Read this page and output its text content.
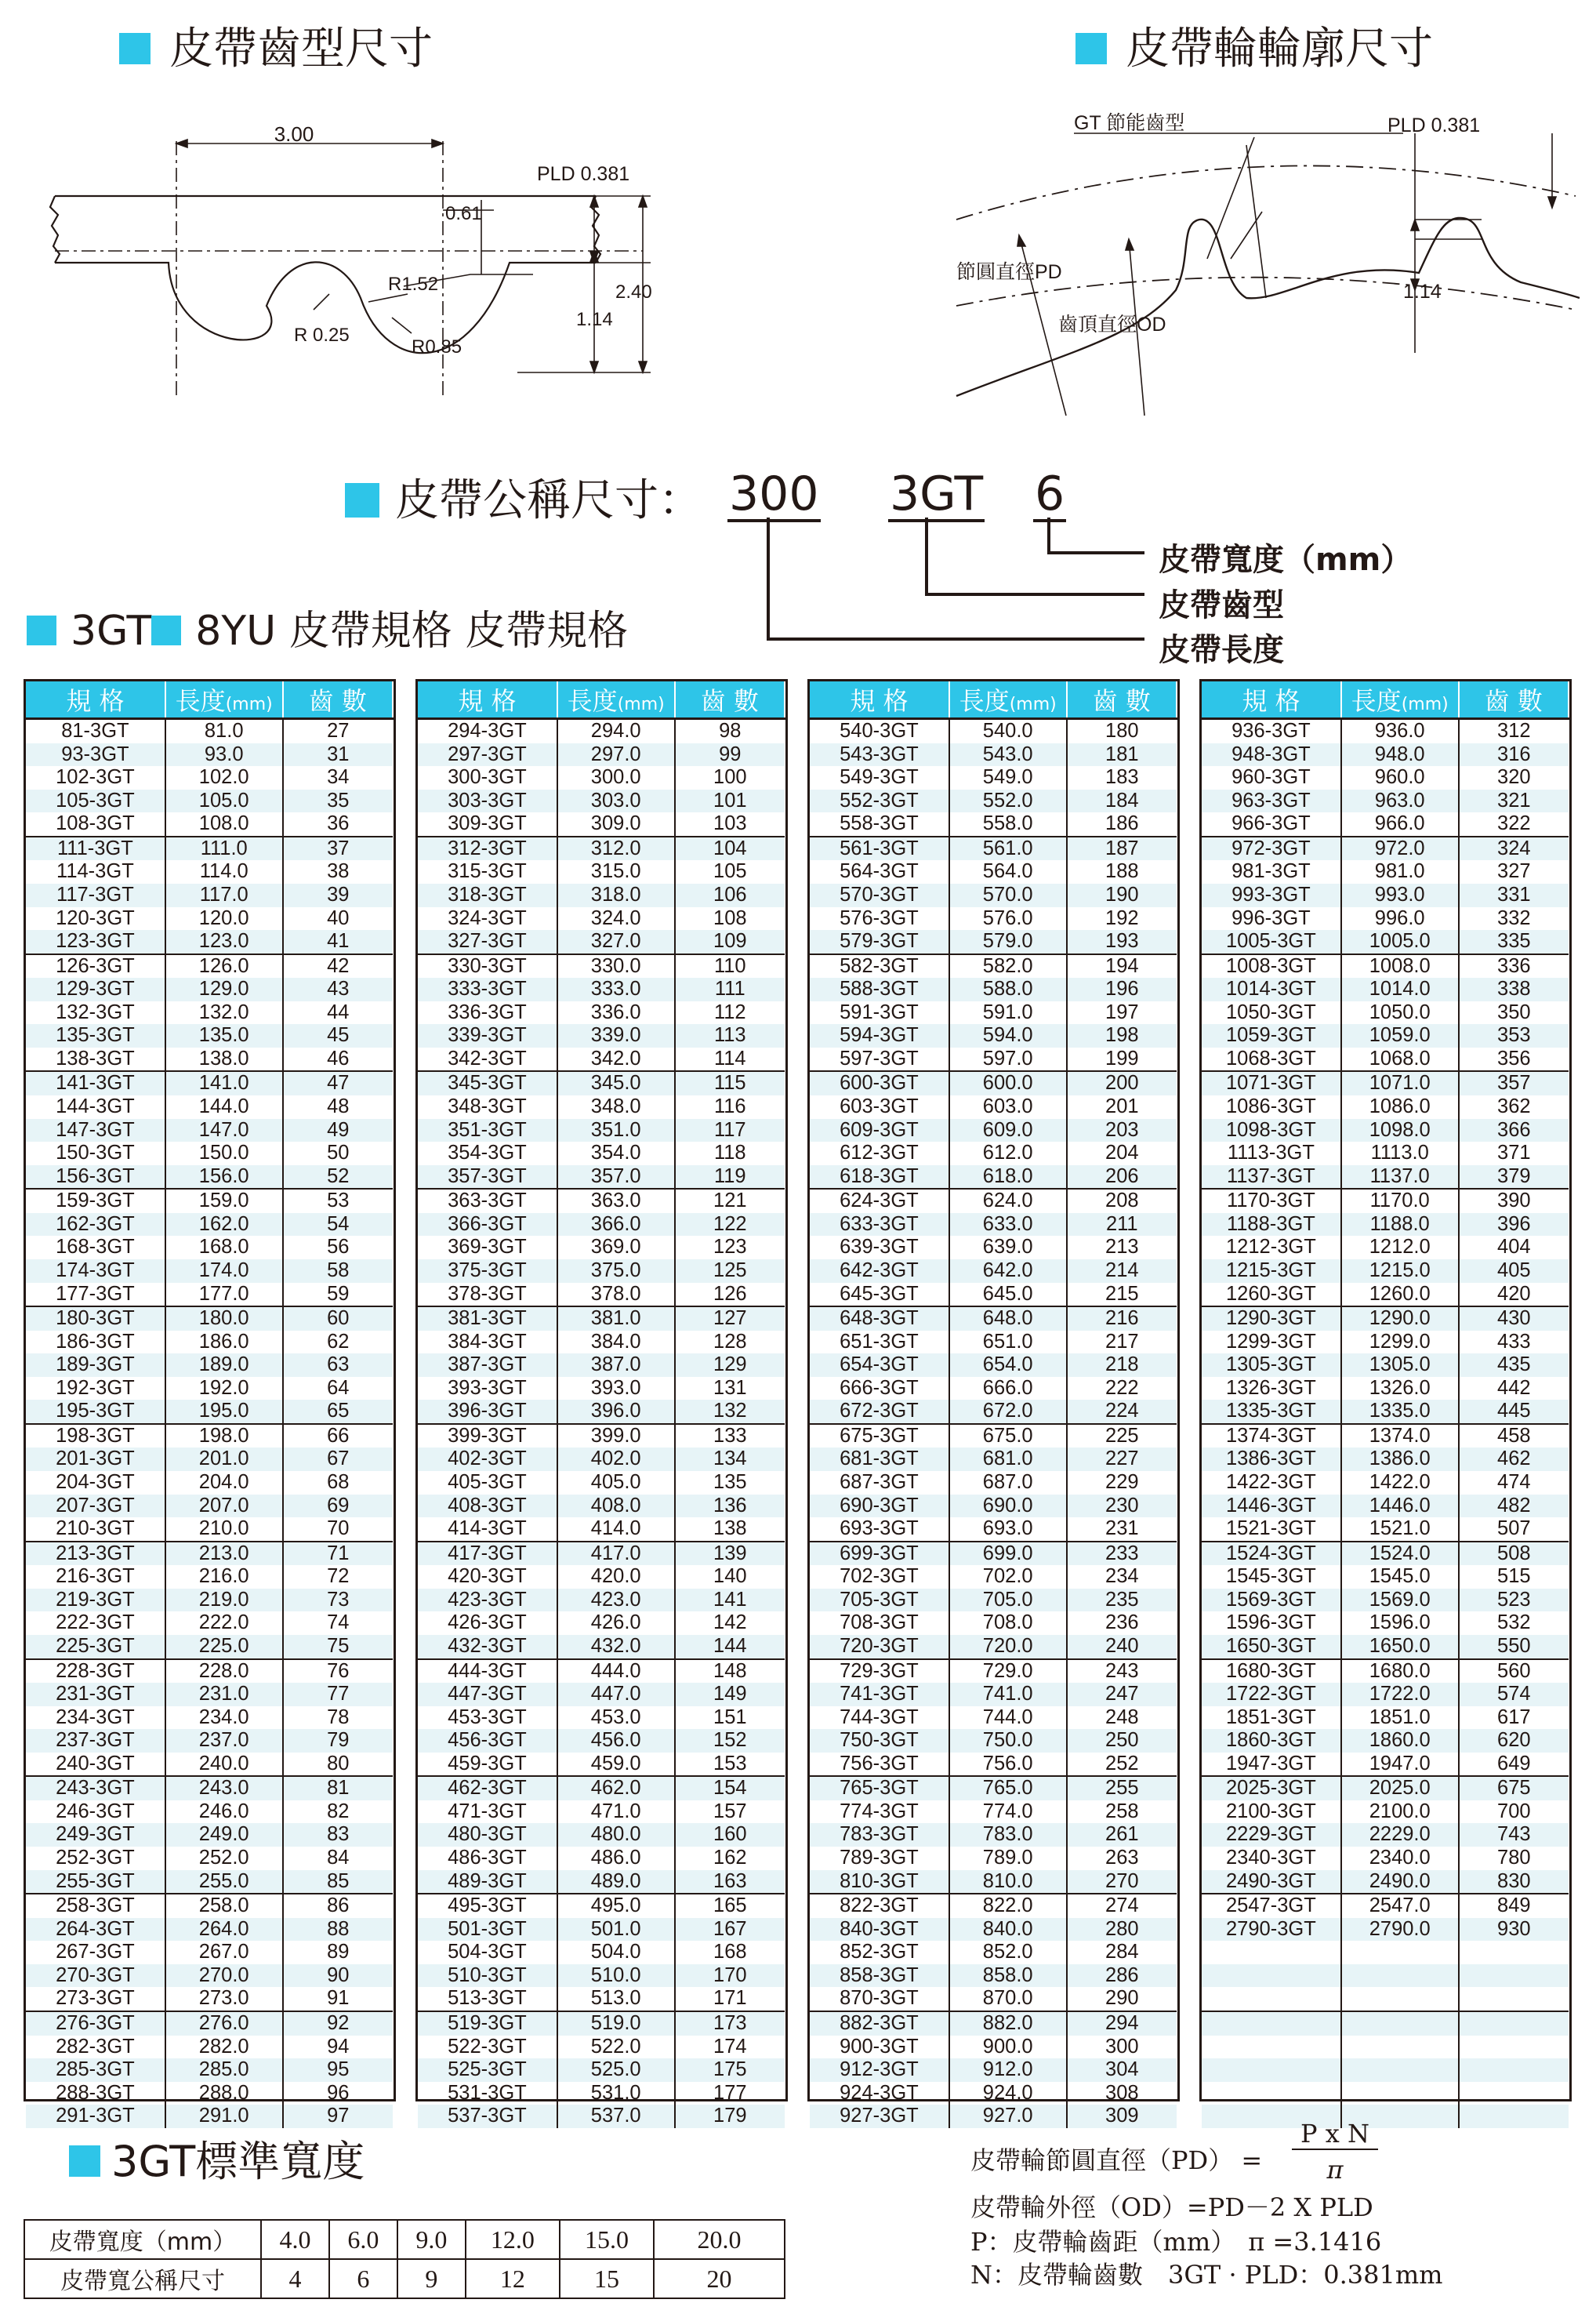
皮帶齒型尺寸	皮帶輪輪廓尺寸
3.00
PLD 0.381
0.61
R1.52
R 0.25
R0.85
2.40
1.14
GT 節能齒型	PLD 0.381
節圓直徑PD
齒頂直徑OD
1.14
皮帶公稱尺寸： 300 3GT 6
皮帶寬度（mm）
皮帶齒型
皮帶長度
3GT 8YU 皮帶規格 皮帶規格
規 格	長度(mm)	齒 數
81-3GT	81.0	27
93-3GT	93.0	31
102-3GT	102.0	34
105-3GT	105.0	35
108-3GT	108.0	36
111-3GT	111.0	37
114-3GT	114.0	38
117-3GT	117.0	39
120-3GT	120.0	40
123-3GT	123.0	41
126-3GT	126.0	42
129-3GT	129.0	43
132-3GT	132.0	44
135-3GT	135.0	45
138-3GT	138.0	46
141-3GT	141.0	47
144-3GT	144.0	48
147-3GT	147.0	49
150-3GT	150.0	50
156-3GT	156.0	52
159-3GT	159.0	53
162-3GT	162.0	54
168-3GT	168.0	56
174-3GT	174.0	58
177-3GT	177.0	59
180-3GT	180.0	60
186-3GT	186.0	62
189-3GT	189.0	63
192-3GT	192.0	64
195-3GT	195.0	65
198-3GT	198.0	66
201-3GT	201.0	67
204-3GT	204.0	68
207-3GT	207.0	69
210-3GT	210.0	70
213-3GT	213.0	71
216-3GT	216.0	72
219-3GT	219.0	73
222-3GT	222.0	74
225-3GT	225.0	75
228-3GT	228.0	76
231-3GT	231.0	77
234-3GT	234.0	78
237-3GT	237.0	79
240-3GT	240.0	80
243-3GT	243.0	81
246-3GT	246.0	82
249-3GT	249.0	83
252-3GT	252.0	84
255-3GT	255.0	85
258-3GT	258.0	86
264-3GT	264.0	88
267-3GT	267.0	89
270-3GT	270.0	90
273-3GT	273.0	91
276-3GT	276.0	92
282-3GT	282.0	94
285-3GT	285.0	95
288-3GT	288.0	96
291-3GT	291.0	97
規 格	長度(mm)	齒 數
294-3GT	294.0	98
297-3GT	297.0	99
300-3GT	300.0	100
303-3GT	303.0	101
309-3GT	309.0	103
312-3GT	312.0	104
315-3GT	315.0	105
318-3GT	318.0	106
324-3GT	324.0	108
327-3GT	327.0	109
330-3GT	330.0	110
333-3GT	333.0	111
336-3GT	336.0	112
339-3GT	339.0	113
342-3GT	342.0	114
345-3GT	345.0	115
348-3GT	348.0	116
351-3GT	351.0	117
354-3GT	354.0	118
357-3GT	357.0	119
363-3GT	363.0	121
366-3GT	366.0	122
369-3GT	369.0	123
375-3GT	375.0	125
378-3GT	378.0	126
381-3GT	381.0	127
384-3GT	384.0	128
387-3GT	387.0	129
393-3GT	393.0	131
396-3GT	396.0	132
399-3GT	399.0	133
402-3GT	402.0	134
405-3GT	405.0	135
408-3GT	408.0	136
414-3GT	414.0	138
417-3GT	417.0	139
420-3GT	420.0	140
423-3GT	423.0	141
426-3GT	426.0	142
432-3GT	432.0	144
444-3GT	444.0	148
447-3GT	447.0	149
453-3GT	453.0	151
456-3GT	456.0	152
459-3GT	459.0	153
462-3GT	462.0	154
471-3GT	471.0	157
480-3GT	480.0	160
486-3GT	486.0	162
489-3GT	489.0	163
495-3GT	495.0	165
501-3GT	501.0	167
504-3GT	504.0	168
510-3GT	510.0	170
513-3GT	513.0	171
519-3GT	519.0	173
522-3GT	522.0	174
525-3GT	525.0	175
531-3GT	531.0	177
537-3GT	537.0	179
規 格	長度(mm)	齒 數
540-3GT	540.0	180
543-3GT	543.0	181
549-3GT	549.0	183
552-3GT	552.0	184
558-3GT	558.0	186
561-3GT	561.0	187
564-3GT	564.0	188
570-3GT	570.0	190
576-3GT	576.0	192
579-3GT	579.0	193
582-3GT	582.0	194
588-3GT	588.0	196
591-3GT	591.0	197
594-3GT	594.0	198
597-3GT	597.0	199
600-3GT	600.0	200
603-3GT	603.0	201
609-3GT	609.0	203
612-3GT	612.0	204
618-3GT	618.0	206
624-3GT	624.0	208
633-3GT	633.0	211
639-3GT	639.0	213
642-3GT	642.0	214
645-3GT	645.0	215
648-3GT	648.0	216
651-3GT	651.0	217
654-3GT	654.0	218
666-3GT	666.0	222
672-3GT	672.0	224
675-3GT	675.0	225
681-3GT	681.0	227
687-3GT	687.0	229
690-3GT	690.0	230
693-3GT	693.0	231
699-3GT	699.0	233
702-3GT	702.0	234
705-3GT	705.0	235
708-3GT	708.0	236
720-3GT	720.0	240
729-3GT	729.0	243
741-3GT	741.0	247
744-3GT	744.0	248
750-3GT	750.0	250
756-3GT	756.0	252
765-3GT	765.0	255
774-3GT	774.0	258
783-3GT	783.0	261
789-3GT	789.0	263
810-3GT	810.0	270
822-3GT	822.0	274
840-3GT	840.0	280
852-3GT	852.0	284
858-3GT	858.0	286
870-3GT	870.0	290
882-3GT	882.0	294
900-3GT	900.0	300
912-3GT	912.0	304
924-3GT	924.0	308
927-3GT	927.0	309
規 格	長度(mm)	齒 數
936-3GT	936.0	312
948-3GT	948.0	316
960-3GT	960.0	320
963-3GT	963.0	321
966-3GT	966.0	322
972-3GT	972.0	324
981-3GT	981.0	327
993-3GT	993.0	331
996-3GT	996.0	332
1005-3GT	1005.0	335
1008-3GT	1008.0	336
1014-3GT	1014.0	338
1050-3GT	1050.0	350
1059-3GT	1059.0	353
1068-3GT	1068.0	356
1071-3GT	1071.0	357
1086-3GT	1086.0	362
1098-3GT	1098.0	366
1113-3GT	1113.0	371
1137-3GT	1137.0	379
1170-3GT	1170.0	390
1188-3GT	1188.0	396
1212-3GT	1212.0	404
1215-3GT	1215.0	405
1260-3GT	1260.0	420
1290-3GT	1290.0	430
1299-3GT	1299.0	433
1305-3GT	1305.0	435
1326-3GT	1326.0	442
1335-3GT	1335.0	445
1374-3GT	1374.0	458
1386-3GT	1386.0	462
1422-3GT	1422.0	474
1446-3GT	1446.0	482
1521-3GT	1521.0	507
1524-3GT	1524.0	508
1545-3GT	1545.0	515
1569-3GT	1569.0	523
1596-3GT	1596.0	532
1650-3GT	1650.0	550
1680-3GT	1680.0	560
1722-3GT	1722.0	574
1851-3GT	1851.0	617
1860-3GT	1860.0	620
1947-3GT	1947.0	649
2025-3GT	2025.0	675
2100-3GT	2100.0	700
2229-3GT	2229.0	743
2340-3GT	2340.0	780
2490-3GT	2490.0	830
2547-3GT	2547.0	849
2790-3GT	2790.0	930

3GT標準寬度
皮帶寬度（mm）	4.0	6.0	9.0	12.0	15.0	20.0
皮帶寬公稱尺寸	4	6	9	12	15	20
皮帶輪節圓直徑（PD） =
P x N
π
皮帶輪外徑（OD）=PD－2 X PLD
P：皮帶輪齒距（mm）　π =3.1416
N：皮帶輪齒數　3GT · PLD：0.381mm
